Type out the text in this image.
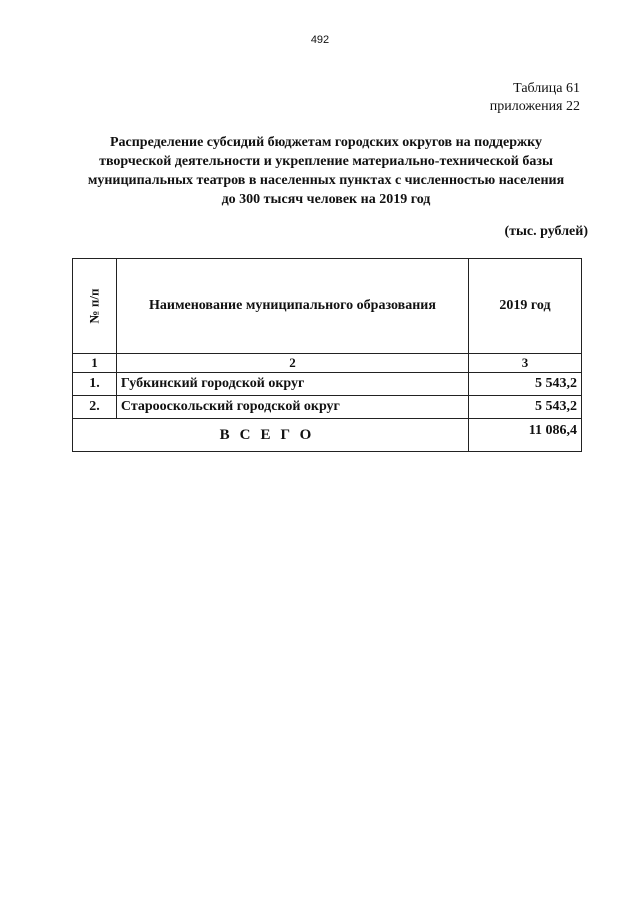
492
Таблица 61
приложения 22
Распределение субсидий бюджетам городских округов на поддержку
творческой деятельности и укрепление материально-технической базы
муниципальных театров в населенных пунктах с численностью населения
до 300 тысяч человек на 2019 год
(тыс. рублей)
№ п/п	Наименование муниципального образования	2019 год
1	2	3
1.	Губкинский городской округ	5 543,2
2.	Старооскольский городской округ	5 543,2
ВСЕГО		11 086,4
